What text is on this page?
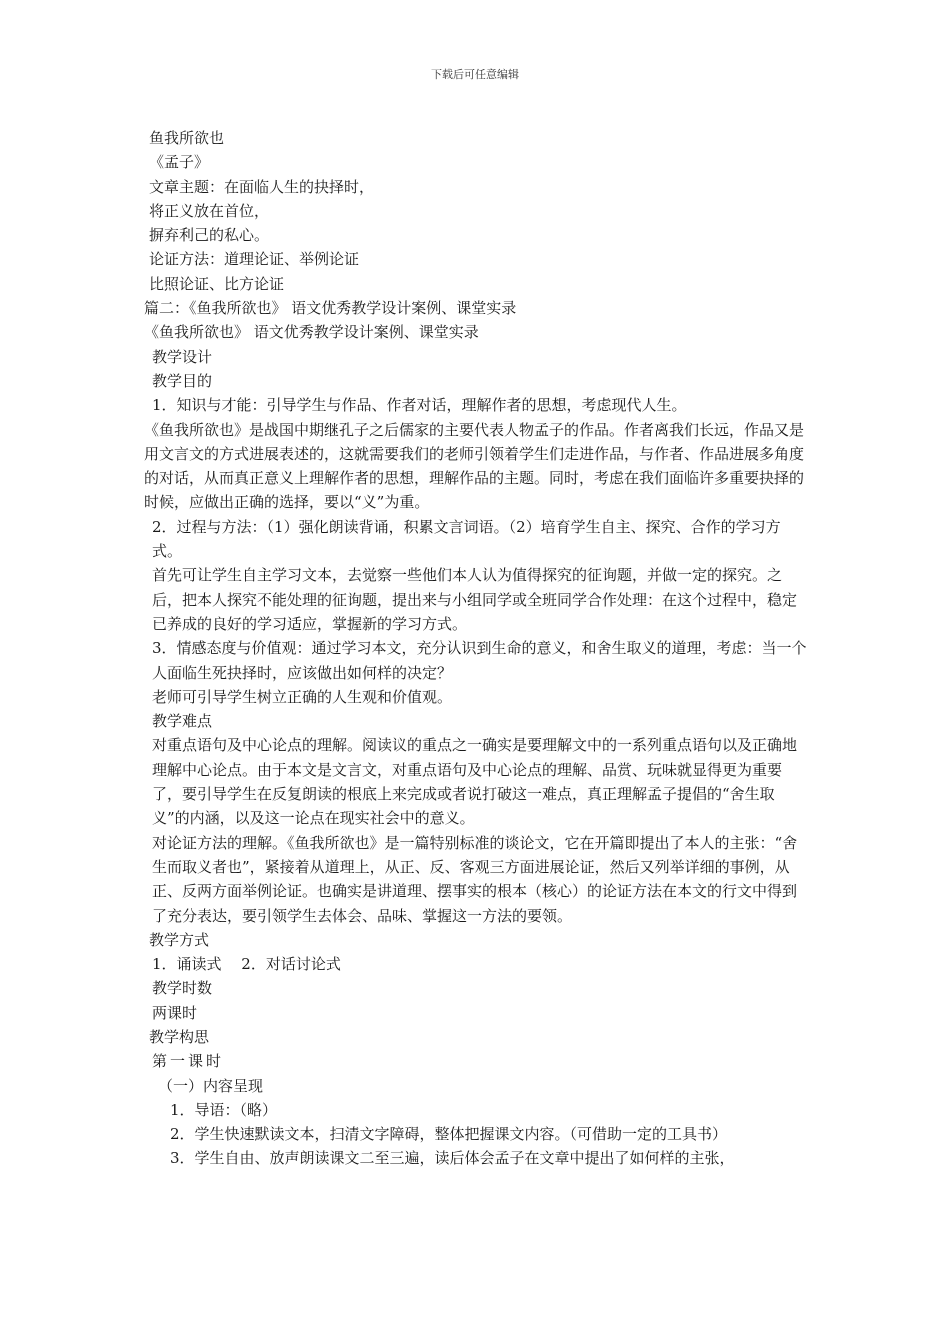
下载后可任意编辑

鱼我所欲也

《孟子》

文章主题：在面临人生的抉择时，

将正义放在首位，

摒弃利己的私心。

论证方法：道理论证、举例论证

比照论证、比方论证

篇二：《鱼我所欲也》 语文优秀教学设计案例、课堂实录

《鱼我所欲也》 语文优秀教学设计案例、课堂实录

教学设计

教学目的

1．知识与才能：引导学生与作品、作者对话，理解作者的思想，考虑现代人生。

《鱼我所欲也》是战国中期继孔子之后儒家的主要代表人物孟子的作品。作者离我们长远，作品又是用文言文的方式进展表述的，这就需要我们的老师引领着学生们走进作品，与作者、作品进展多角度的对话，从而真正意义上理解作者的思想，理解作品的主题。同时，考虑在我们面临许多重要抉择的时候，应做出正确的选择，要以“义”为重。

2．过程与方法：（1）强化朗读背诵，积累文言词语。（2）培育学生自主、探究、合作的学习方式。

首先可让学生自主学习文本，去觉察一些他们本人认为值得探究的征询题，并做一定的探究。之后，把本人探究不能处理的征询题，提出来与小组同学或全班同学合作处理：在这个过程中，稳定已养成的良好的学习适应，掌握新的学习方式。

3．情感态度与价值观：通过学习本文，充分认识到生命的意义，和舍生取义的道理，考虑：当一个人面临生死抉择时，应该做出如何样的决定？

老师可引导学生树立正确的人生观和价值观。

教学难点

对重点语句及中心论点的理解。阅读议的重点之一确实是要理解文中的一系列重点语句以及正确地理解中心论点。由于本文是文言文，对重点语句及中心论点的理解、品赏、玩味就显得更为重要了，要引导学生在反复朗读的根底上来完成或者说打破这一难点，真正理解孟子提倡的“舍生取义”的内涵，以及这一论点在现实社会中的意义。

对论证方法的理解。《鱼我所欲也》是一篇特别标准的谈论文，它在开篇即提出了本人的主张：“舍生而取义者也”，紧接着从道理上，从正、反、客观三方面进展论证，然后又列举详细的事例，从正、反两方面举例论证。也确实是讲道理、摆事实的根本（核心）的论证方法在本文的行文中得到了充分表达，要引领学生去体会、品味、掌握这一方法的要领。

教学方式

1．诵读式　 2．对话讨论式

教学时数

两课时

教学构思

第一课时

（一）内容呈现

1．导语：（略）

2．学生快速默读文本，扫清文字障碍，整体把握课文内容。（可借助一定的工具书）

3．学生自由、放声朗读课文二至三遍，读后体会孟子在文章中提出了如何样的主张，
